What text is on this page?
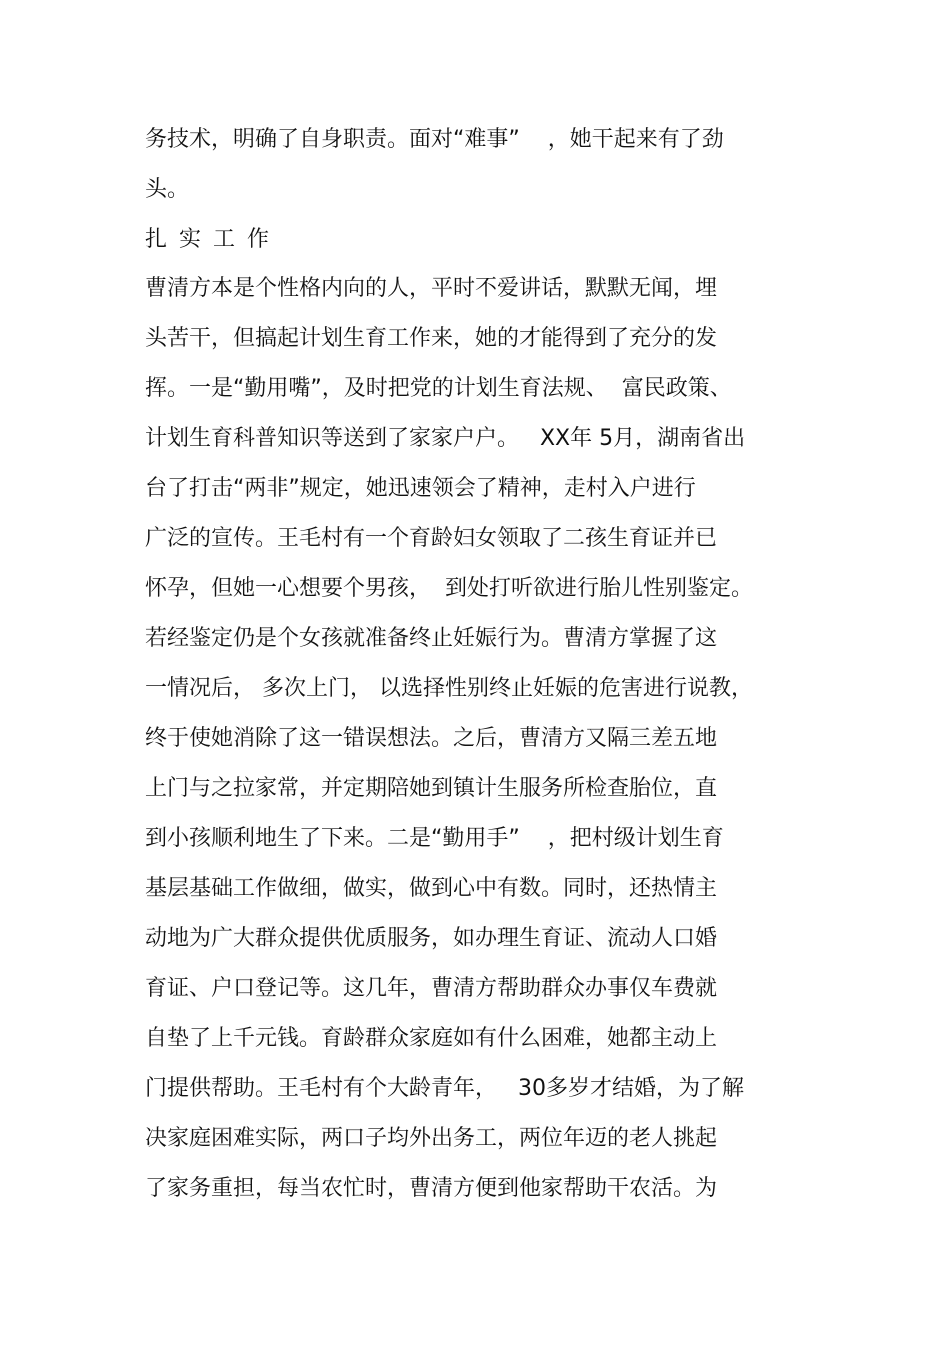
务技术，明确了自身职责。面对“难事”    ，她干起来有了劲

头。

扎实工作

曹清方本是个性格内向的人，平时不爱讲话，默默无闻，埋

头苦干，但搞起计划生育工作来，她的才能得到了充分的发

挥。一是“勤用嘴”，及时把党的计划生育法规、  富民政策、

计划生育科普知识等送到了家家户户。   XX年 5月，湖南省出

台了打击“两非”规定，她迅速领会了精神，走村入户进行

广泛的宣传。王毛村有一个育龄妇女领取了二孩生育证并已

怀孕，但她一心想要个男孩，  到处打听欲进行胎儿性别鉴定。

若经鉴定仍是个女孩就准备终止妊娠行为。曹清方掌握了这

一情况后， 多次上门， 以选择性别终止妊娠的危害进行说教，

终于使她消除了这一错误想法。之后，曹清方又隔三差五地

上门与之拉家常，并定期陪她到镇计生服务所检查胎位，直

到小孩顺利地生了下来。二是“勤用手”    ，把村级计划生育

基层基础工作做细，做实，做到心中有数。同时，还热情主

动地为广大群众提供优质服务，如办理生育证、流动人口婚

育证、户口登记等。这几年，曹清方帮助群众办事仅车费就

自垫了上千元钱。育龄群众家庭如有什么困难，她都主动上

门提供帮助。王毛村有个大龄青年，   30多岁才结婚，为了解

决家庭困难实际，两口子均外出务工，两位年迈的老人挑起

了家务重担，每当农忙时，曹清方便到他家帮助干农活。为
